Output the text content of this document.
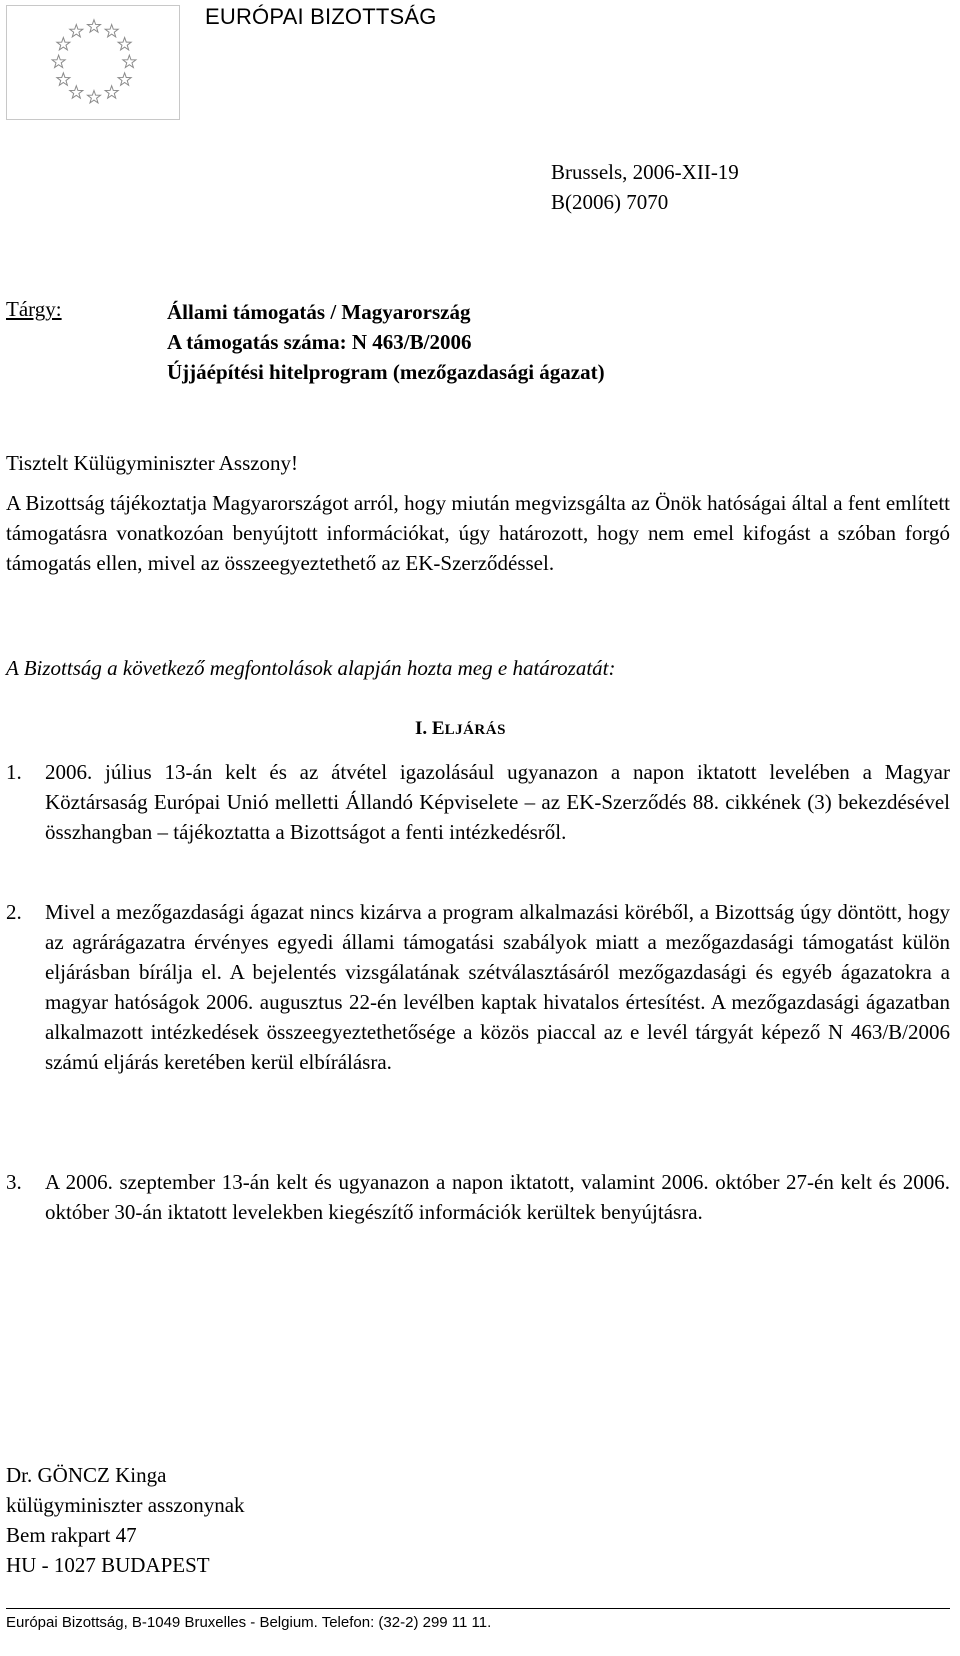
EURÓPAI BIZOTTSÁG
Brussels, 2006-XII-19
B(2006) 7070
Tárgy:	Állami támogatás / Magyarország
A támogatás száma: N 463/B/2006
Újjáépítési hitelprogram (mezőgazdasági ágazat)
Tisztelt Külügyminiszter Asszony!
A Bizottság tájékoztatja Magyarországot arról, hogy miután megvizsgálta az Önök hatóságai által a fent említett támogatásra vonatkozóan benyújtott információkat, úgy határozott, hogy nem emel kifogást a szóban forgó támogatás ellen, mivel az összeegyeztethető az EK-Szerződéssel.
A Bizottság a következő megfontolások alapján hozta meg e határozatát:
I. ELJÁRÁS
1. 2006. július 13-án kelt és az átvétel igazolásául ugyanazon a napon iktatott levelében a Magyar Köztársaság Európai Unió melletti Állandó Képviselete – az EK-Szerződés 88. cikkének (3) bekezdésével összhangban – tájékoztatta a Bizottságot a fenti intézkedésről.
2. Mivel a mezőgazdasági ágazat nincs kizárva a program alkalmazási köréből, a Bizottság úgy döntött, hogy az agrárágazatra érvényes egyedi állami támogatási szabályok miatt a mezőgazdasági támogatást külön eljárásban bírálja el. A bejelentés vizsgálatának szétválasztásáról mezőgazdasági és egyéb ágazatokra a magyar hatóságok 2006. augusztus 22-én levélben kaptak hivatalos értesítést. A mezőgazdasági ágazatban alkalmazott intézkedések összeegyeztethetősége a közös piaccal az e levél tárgyát képező N 463/B/2006 számú eljárás keretében kerül elbírálásra.
3. A 2006. szeptember 13-án kelt és ugyanazon a napon iktatott, valamint 2006. október 27-én kelt és 2006. október 30-án iktatott levelekben kiegészítő információk kerültek benyújtásra.
Dr. GÖNCZ Kinga
külügyminiszter asszonynak
Bem rakpart 47
HU - 1027 BUDAPEST
Európai Bizottság, B-1049 Bruxelles - Belgium. Telefon: (32-2) 299 11 11.
